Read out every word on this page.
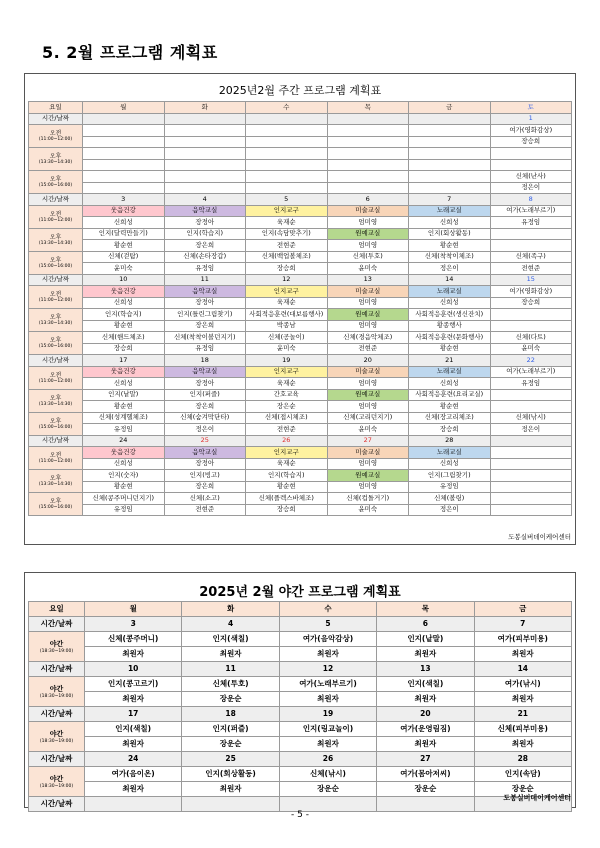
5. 2월 프로그램 계획표
2025년2월 주간 프로그램 계획표
요일	월	화	수	목	금	토
시간/날짜						1
오전
(11:00~12:00)						여가(영화감상)
						장승희
오후
(13:30~14:30)						

오후
(15:00~16:00)						신체(난사)
						정은이
시간/날짜	3	4	5	6	7	8
오전
(11:00~12:00)	웃음건강	음악교실	인지교구	미술교실	노래교실	여가(노래부르기)
	신희성	장정아	육재순	엄미영	신희성	유정임
오후
(13:30~14:30)	인지(달력만들기)	인지(학습지)	인지(속담맞추기)	원예교실	인지(회상활동)	
	황순현	장은희	전현준	엄미영	황순현	
오후
(15:00~16:00)	신체(걷탐)	신체(손타장갑)	신체(백업볼체조)	신체(투호)	신체(착착이체조)	신체(족구)
	윤미숙	유정임	장승희	윤미숙	정은이	전현준
시간/날짜	10	11	12	13	14	15
오전
(11:00~12:00)	웃음건강	음악교실	인지교구	미술교실	노래교실	여가(영화감상)
	신희성	장정아	육재순	엄미영	신희성	장승희
오후
(13:30~14:30)	인지(학습지)	인지(틀린그림찾기)	사회적응훈련(대보름행사)	원예교실	사회적응훈련(생신잔치)	
	황순현	장은희	박종남	엄미영	황종행사	
오후
(15:00~16:00)	신체(핸드체조)	신체(착착이볼던지기)	신체(공놀이)	신체(경음악체조)	사회적응훈련(문화행사)	신체(다트)
	장승희	유정임	윤미숙	전현준	황순현	윤미숙
시간/날짜	17	18	19	20	21	22
오전
(11:00~12:00)	웃음건강	음악교실	인지교구	미술교실	노래교실	여가(노래부르기)
	신희성	장정아	육재순	엄미영	신희성	유정임
오후
(13:30~14:30)	인지(낱말)	인지(퍼즐)	간호교육	원예교실	사회적응훈련(요리교실)	
	황순현	장은희	장은순	엄미영	황순현	
오후
(15:00~16:00)	신체(성계헬체조)	신체(숨겨막단타)	신체(접시체조)	신체(고리던지기)	신체(장고리체조)	신체(낚시)
	유정임	정은이	전현준	윤미숙	장승희	정은이
시간/날짜	24	25	26	27	28	
오전
(11:00~12:00)	웃음건강	음악교실	인지교구	미술교실	노래교실	
	신희성	장정아	육재순	엄미영	신희성	
오후
(13:30~14:30)	인지(숫자)	인지(빙고)	인지(학습지)	원예교실	인지(그림찾기)	
	황순현	장은희	황순현	엄미영	유정임	
오후
(15:00~16:00)	신체(콩주머니던지기)	신체(소고)	신체(플렉스바체조)	신체(컵돌거기)	신체(볼링)	
	유정임	전현준	장승희	윤미숙	정은이	
도봉실버데이케어센터
2025년 2월 야간 프로그램 계획표
요일	월	화	수	목	금
시간/날짜	3	4	5	6	7
야간
(18:30~19:00)	신체(콩주머니)	인지(색칠)	여가(음악감상)	인지(낱말)	여가(피부미용)
	최원자	최원자	최원자	최원자	최원자
시간/날짜	10	11	12	13	14
야간
(18:30~19:00)	인지(콩고르기)	신체(투호)	여가(노래부르기)	인지(색칠)	여가(낚시)
	최원자	장운순	최원자	최원자	최원자
시간/날짜	17	18	19	20	21
야간
(18:30~19:00)	인지(색칠)	인지(퍼즐)	인지(링교놀이)	여가(운영림짐)	신체(피부미용)
	최원자	장운순	최원자	최원자	최원자
시간/날짜	24	25	26	27	28
야간
(18:30~19:00)	여가(음이온)	인지(회상활동)	신체(낚시)	여가(몸아저씨)	인지(속담)
	최원자	최원자	장운순	장운순	장운순
시간/날짜					
도봉실버데이케어센터
- 5 -
